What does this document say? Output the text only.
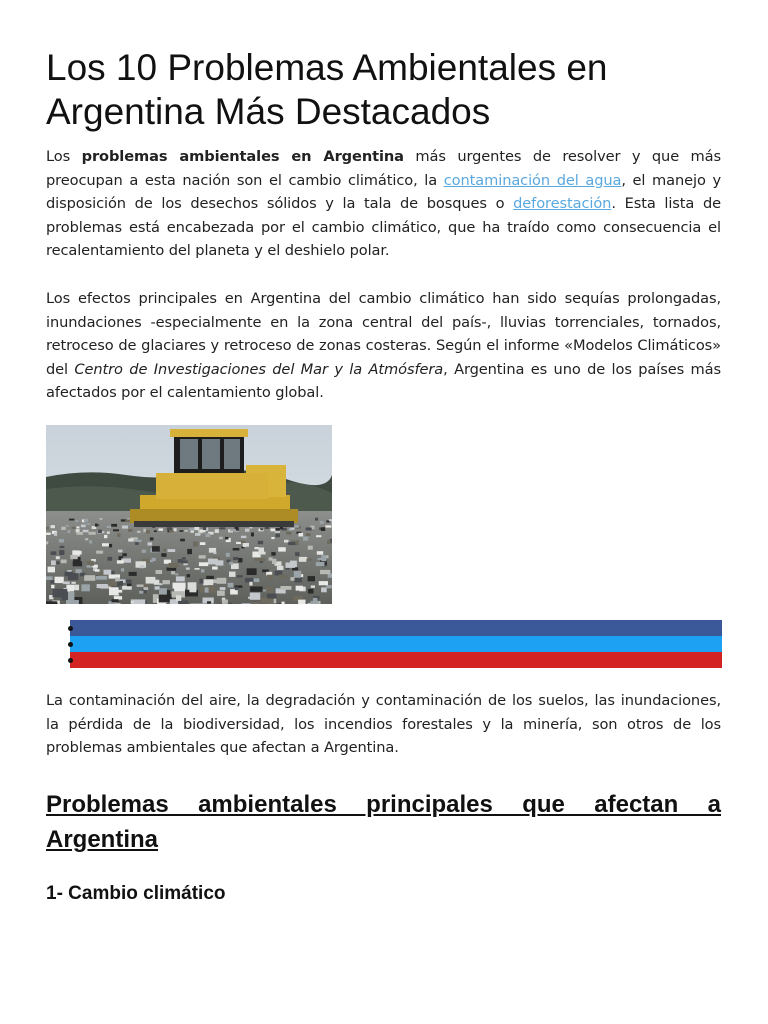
Los 10 Problemas Ambientales en Argentina Más Destacados

Los problemas ambientales en Argentina más urgentes de resolver y que más preocupan a esta nación son el cambio climático, la contaminación del agua, el manejo y disposición de los desechos sólidos y la tala de bosques o deforestación. Esta lista de problemas está encabezada por el cambio climático, que ha traído como consecuencia el recalentamiento del planeta y el deshielo polar.

Los efectos principales en Argentina del cambio climático han sido sequías prolongadas, inundaciones -especialmente en la zona central del país-, lluvias torrenciales, tornados, retroceso de glaciares y retroceso de zonas costeras. Según el informe «Modelos Climáticos» del Centro de Investigaciones del Mar y la Atmósfera, Argentina es uno de los países más afectados por el calentamiento global.

La contaminación del aire, la degradación y contaminación de los suelos, las inundaciones, la pérdida de la biodiversidad, los incendios forestales y la minería, son otros de los problemas ambientales que afectan a Argentina.

Problemas ambientales principales que afectan a Argentina
1- Cambio climático
